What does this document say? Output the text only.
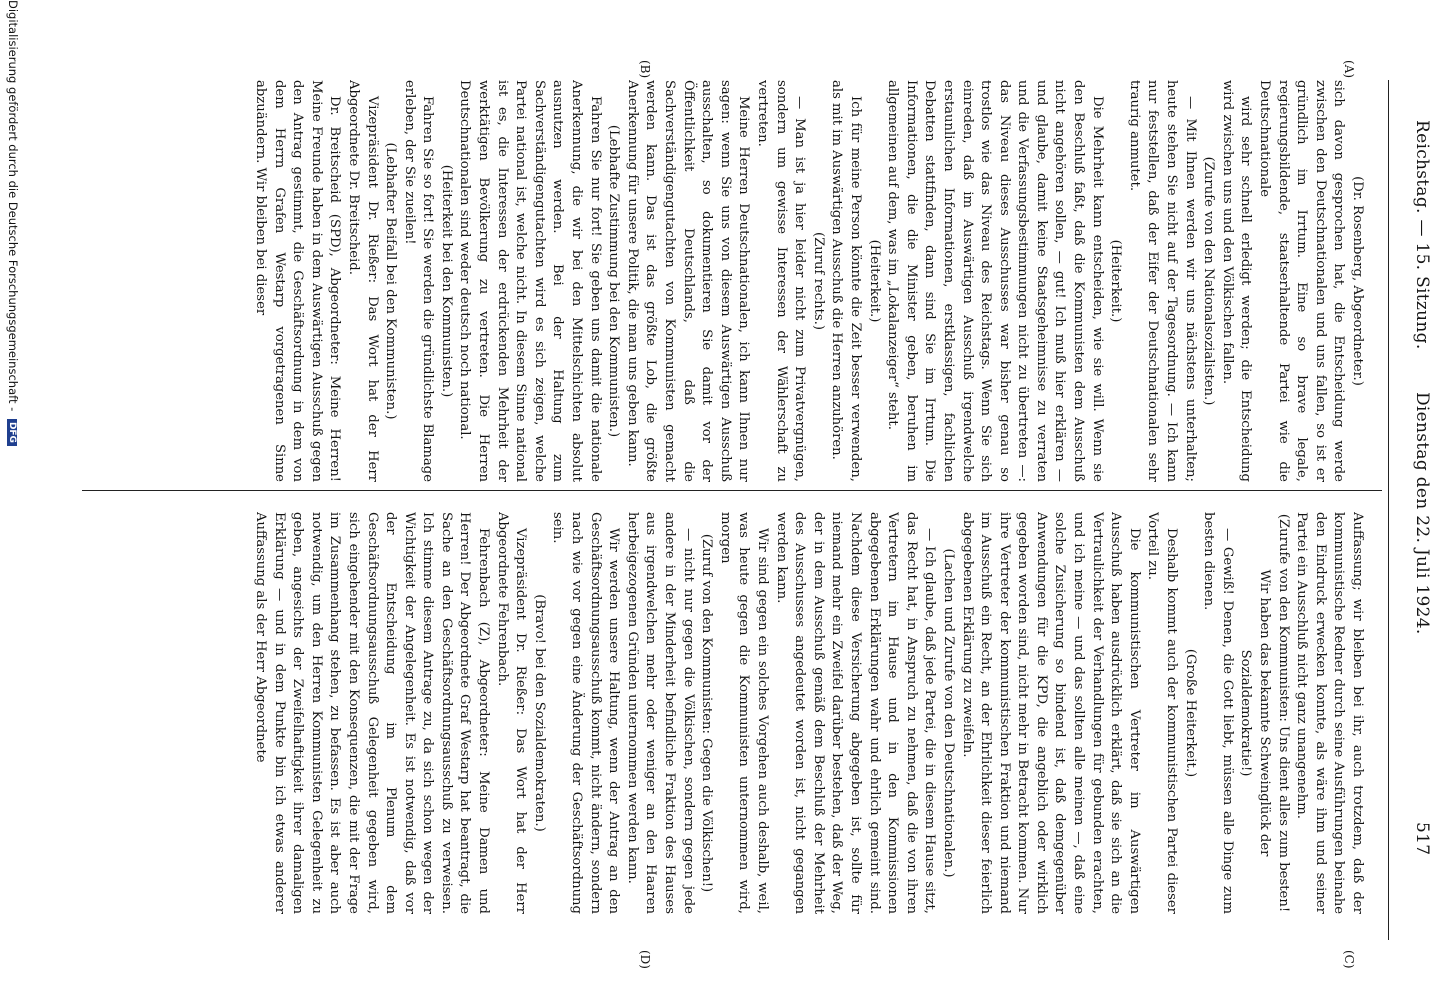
Reichstag. — 15. Sitzung.
Dienstag den 22. Juli 1924.
517
(A)
(B)
(C)
(D)

(Dr. Rosenberg, Abgeordneter.)

sich davon gesprochen hat, die Entscheidung werde zwischen den Deutschnationalen und uns fallen, so ist er gründlich im Irrtum. Eine so brave legale, regierungsbildende, staatserhaltende Partei wie die Deutschnationale

wird sehr schnell erledigt werden; die Entscheidung wird zwischen uns und den Völkischen fallen.

(Zurufe von den Nationalsozialisten.)

— Mit Ihnen werden wir uns nächstens unterhalten; heute stehen Sie nicht auf der Tagesordnung. — Ich kann nur feststellen, daß der Eifer der Deutschnationalen sehr traurig anmutet.

(Heiterkeit.)

Die Mehrheit kann entscheiden, wie sie will. Wenn sie den Beschluß faßt, daß die Kommunisten dem Ausschuß nicht angehören sollen, — gut! Ich muß hier erklären — und glaube, damit keine Staatsgeheimnisse zu verraten und die Verfassungsbestimmungen nicht zu übertreten —: das Niveau dieses Ausschusses war bisher genau so trostlos wie das Niveau des Reichstags. Wenn Sie sich einreden, daß im Auswärtigen Ausschuß irgendwelche erstaunlichen Informationen, erstklassigen, fachlichen Debatten stattfinden, dann sind Sie im Irrtum. Die Informationen, die die Minister geben, beruhen im allgemeinen auf dem, was im „Lokalanzeiger“ steht.

(Heiterkeit.)

Ich für meine Person könnte die Zeit besser verwenden, als mit im Auswärtigen Ausschuß die Herren anzuhören.

(Zuruf rechts.)

— Man ist ja hier leider nicht zum Privatvergnügen, sondern um gewisse Interessen der Wählerschaft zu vertreten.

Meine Herren Deutschnationalen, ich kann Ihnen nur sagen: wenn Sie uns von diesem Auswärtigen Ausschuß ausschalten, so dokumentieren Sie damit vor der Öffentlichkeit Deutschlands, daß die Sachverständigengutachten von Kommunisten gemacht werden kann. Das ist das größte Lob, die größte Anerkennung für unsere Politik, die man uns geben kann.

(Lebhafte Zustimmung bei den Kommunisten.)

Fahren Sie nur fort! Sie geben uns damit die nationale Anerkennung, die wir bei den Mittelschichten absolut ausnutzen werden. Bei der Haltung zum Sachverständigengutachten wird es sich zeigen, welche Partei national ist, welche nicht. In diesem Sinne national ist es, die Interessen der erdrückenden Mehrheit der werktätigen Bevölkerung zu vertreten. Die Herren Deutschnationalen sind weder deutsch noch national.

(Heiterkeit bei den Kommunisten.)

Fahren Sie so fort! Sie werden die gründlichste Blamage erleben, der Sie zueilen!

(Lebhafter Beifall bei den Kommunisten.)

Vizepräsident Dr. Rießer: Das Wort hat der Herr Abgeordnete Dr. Breitscheid.

Dr. Breitscheid (SPD), Abgeordneter: Meine Herren! Meine Freunde haben in dem Auswärtigen Ausschuß gegen den Antrag gestimmt, die Geschäftsordnung in dem von dem Herrn Grafen Westarp vorgetragenen Sinne abzuändern. Wir bleiben bei dieser

Auffassung; wir bleiben bei ihr, auch trotzdem, daß der kommunistische Redner durch seine Ausführungen beinahe den Eindruck erwecken konnte, als wäre ihm und seiner Partei ein Ausschluß nicht ganz unangenehm.

(Zurufe von den Kommunisten: Uns dient alles zum besten! Wir haben das bekannte Schweinglück der Sozialdemokratie!)

— Gewiß! Denen, die Gott liebt, müssen alle Dinge zum besten dienen.

(Große Heiterkeit.)

Deshalb kommt auch der kommunistischen Partei dieser Vorteil zu.

Die kommunistischen Vertreter im Auswärtigen Ausschuß haben ausdrücklich erklärt, daß sie sich an die Vertraulichkeit der Verhandlungen für gebunden erachten, und ich meine — und das sollten alle meinen —, daß eine solche Zusicherung so bindend ist, daß demgegenüber Anwendungen für die KPD, die angeblich oder wirklich gegeben worden sind, nicht mehr in Betracht kommen. Nur ihre Vertreter der kommunistischen Fraktion und niemand im Ausschuß ein Recht, an der Ehrlichkeit dieser feierlich abgegebenen Erklärung zu zweifeln.

(Lachen und Zurufe von den Deutschnationalen.)

— Ich glaube, daß jede Partei, die in diesem Hause sitzt, das Recht hat, in Anspruch zu nehmen, daß die von ihren Vertretern im Hause und in den Kommissionen abgegebenen Erklärungen wahr und ehrlich gemeint sind. Nachdem diese Versicherung abgegeben ist, sollte für niemand mehr ein Zweifel darüber bestehen, daß der Weg, der in dem Ausschuß gemäß dem Beschluß der Mehrheit des Ausschusses angedeutet worden ist, nicht gegangen werden kann.

Wir sind gegen ein solches Vorgehen auch deshalb, weil, was heute gegen die Kommunisten unternommen wird, morgen

(Zuruf von den Kommunisten: Gegen die Völkischen!)

— nicht nur gegen die Völkischen, sondern gegen jede andere in der Minderheit befindliche Fraktion des Hauses aus irgendwelchen mehr oder weniger an den Haaren herbeigezogenen Gründen unternommen werden kann.

Wir werden unsere Haltung, wenn der Antrag an den Geschäftsordnungsausschuß kommt, nicht ändern, sondern nach wie vor gegen eine Änderung der Geschäftsordnung sein.

(Bravo! bei den Sozialdemokraten.)

Vizepräsident Dr. Rießer: Das Wort hat der Herr Abgeordnete Fehrenbach.

Fehrenbach (Z), Abgeordneter: Meine Damen und Herren! Der Abgeordnete Graf Westarp hat beantragt, die Sache an den Geschäftsordnungsausschuß zu verweisen. Ich stimme diesem Antrage zu, da sich schon wegen der Wichtigkeit der Angelegenheit. Es ist notwendig, daß vor der Entscheidung im Plenum dem Geschäftsordnungsausschuß Gelegenheit gegeben wird, sich eingehender mit den Konsequenzen, die mit der Frage im Zusammenhang stehen, zu befassen. Es ist aber auch notwendig, um den Herren Kommunisten Gelegenheit zu geben, angesichts der Zweifelhaftigkeit ihrer damaligen Erklärung — und in dem Punkte bin ich etwas anderer Auffassung als der Herr Abgeordnete

Digitalisierung gefördert durch die Deutsche Forschungsgemeinschaft - DFG
